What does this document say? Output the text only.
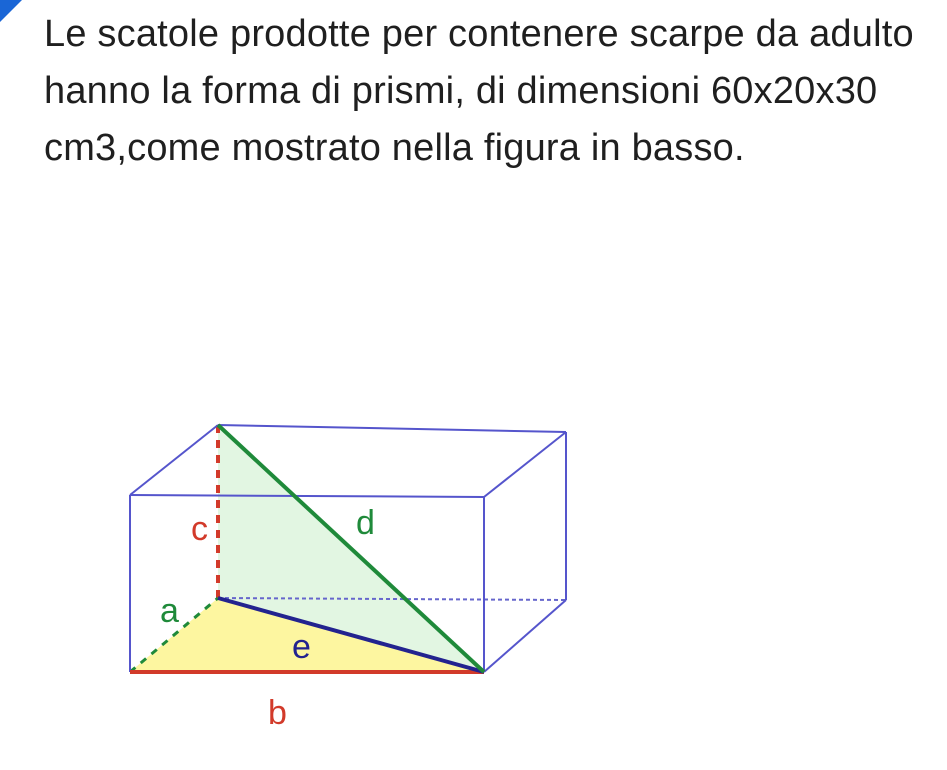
Le scatole prodotte per contenere scarpe da adulto hanno la forma di prismi, di dimensioni 60x20x30 cm3,come mostrato nella figura in basso.

c	d
a
e
b
